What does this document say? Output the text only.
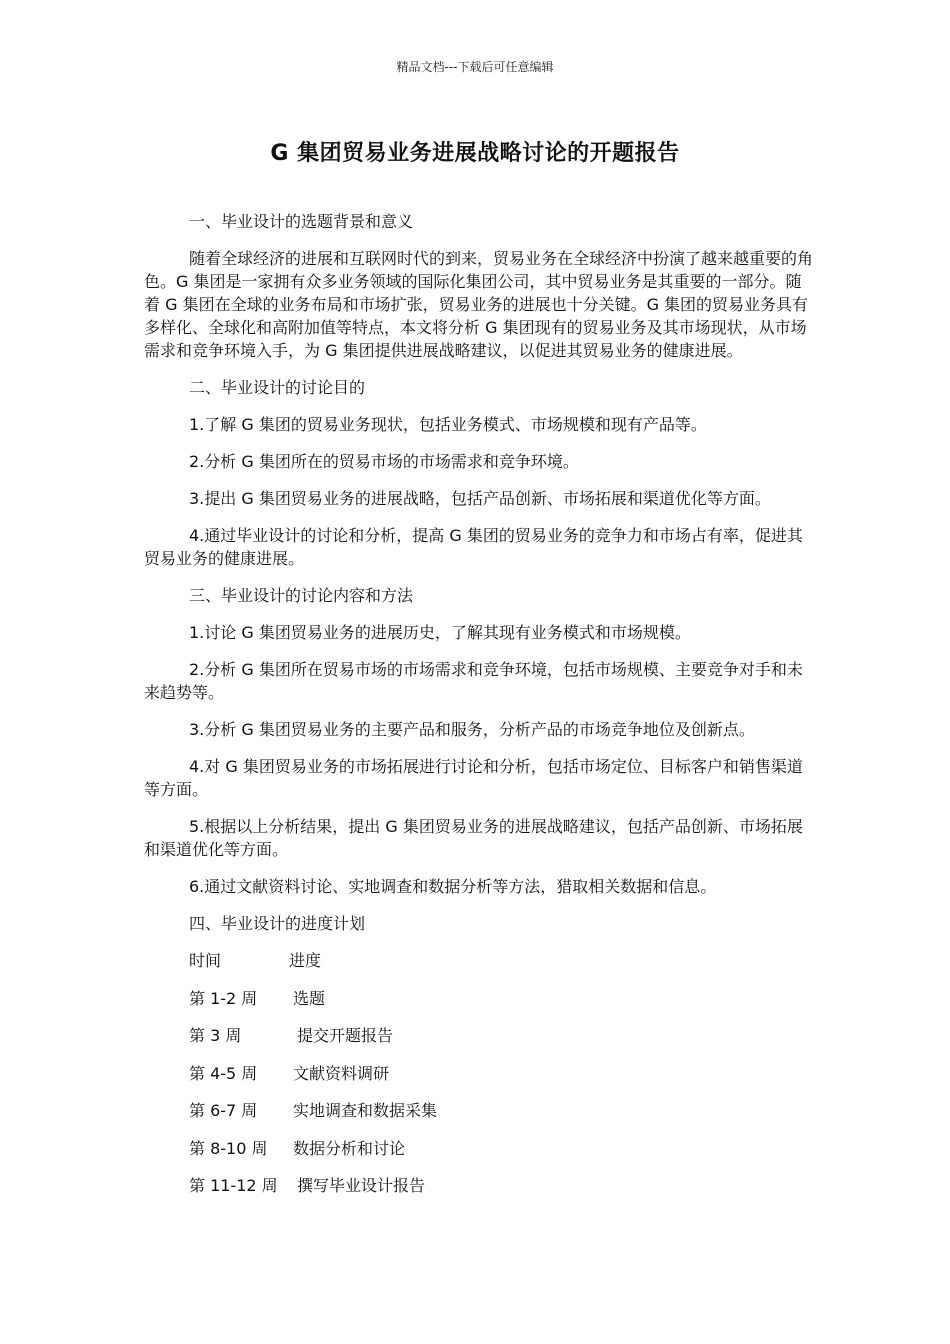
精品文档---下载后可任意编辑
G 集团贸易业务进展战略讨论的开题报告
一、毕业设计的选题背景和意义
随着全球经济的进展和互联网时代的到来，贸易业务在全球经济中扮演了越来越重要的角色。G 集团是一家拥有众多业务领域的国际化集团公司，其中贸易业务是其重要的一部分。随着 G 集团在全球的业务布局和市场扩张，贸易业务的进展也十分关键。G 集团的贸易业务具有多样化、全球化和高附加值等特点，本文将分析 G 集团现有的贸易业务及其市场现状，从市场需求和竞争环境入手，为 G 集团提供进展战略建议，以促进其贸易业务的健康进展。
二、毕业设计的讨论目的
1.了解 G 集团的贸易业务现状，包括业务模式、市场规模和现有产品等。
2.分析 G 集团所在的贸易市场的市场需求和竞争环境。
3.提出 G 集团贸易业务的进展战略，包括产品创新、市场拓展和渠道优化等方面。
4.通过毕业设计的讨论和分析，提高 G 集团的贸易业务的竞争力和市场占有率，促进其贸易业务的健康进展。
三、毕业设计的讨论内容和方法
1.讨论 G 集团贸易业务的进展历史，了解其现有业务模式和市场规模。
2.分析 G 集团所在贸易市场的市场需求和竞争环境，包括市场规模、主要竞争对手和未来趋势等。
3.分析 G 集团贸易业务的主要产品和服务，分析产品的市场竞争地位及创新点。
4.对 G 集团贸易业务的市场拓展进行讨论和分析，包括市场定位、目标客户和销售渠道等方面。
5.根据以上分析结果，提出 G 集团贸易业务的进展战略建议，包括产品创新、市场拓展和渠道优化等方面。
6.通过文献资料讨论、实地调查和数据分析等方法，猎取相关数据和信息。
四、毕业设计的进度计划
时间	进度
第 1-2 周	选题
第 3 周	提交开题报告
第 4-5 周	文献资料调研
第 6-7 周	实地调查和数据采集
第 8-10 周	数据分析和讨论
第 11-12 周	撰写毕业设计报告
